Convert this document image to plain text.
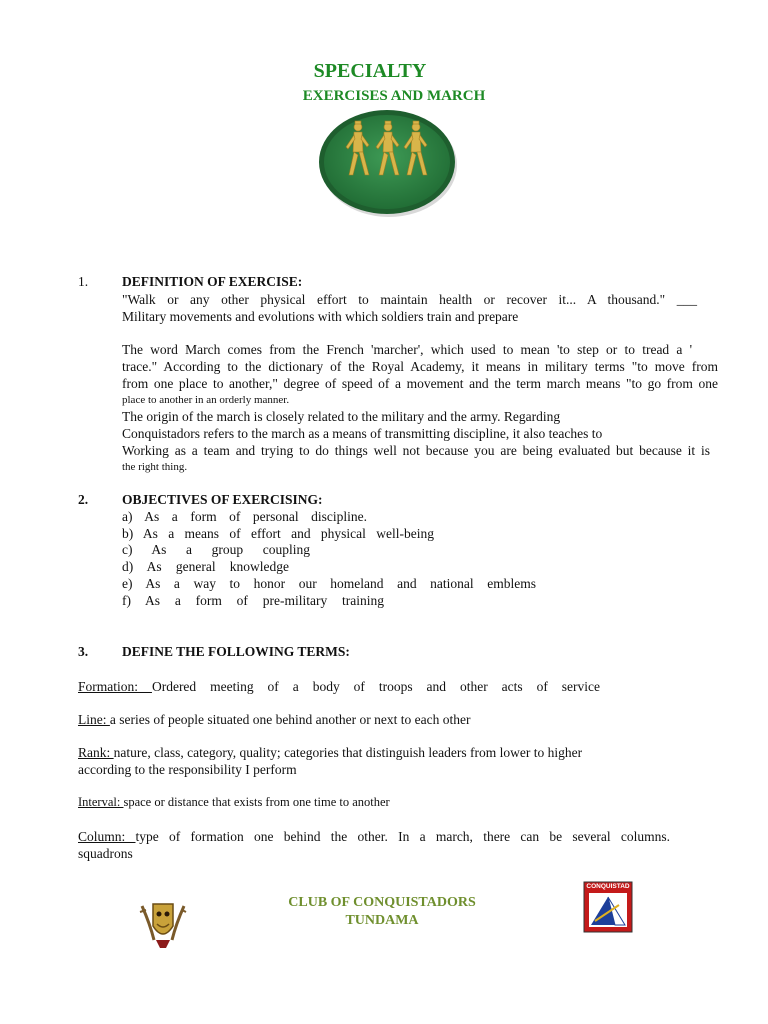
SPECIALTY
EXERCISES AND MARCH
1.	DEFINITION OF EXERCISE:
"Walk or any other physical effort to maintain health or recover it... A thousand." ___
Military movements and evolutions with which soldiers train and prepare
The word March comes from the French 'marcher', which used to mean 'to step or to tread a '
trace." According to the dictionary of the Royal Academy, it means in military terms "to move from
from one place to another," degree of speed of a movement and the term march means "to go from one
place to another in an orderly manner.
The origin of the march is closely related to the military and the army. Regarding
Conquistadors refers to the march as a means of transmitting discipline, it also teaches to
Working as a team and trying to do things well not because you are being evaluated but because it is
the right thing.
2.	OBJECTIVES OF EXERCISING:
a) As a form of personal discipline.
b) As a means of effort and physical well-being
c) As a group coupling
d) As general knowledge
e) As a way to honor our homeland and national emblems
f) As a form of pre-military training
3.	DEFINE THE FOLLOWING TERMS:
Formation: Ordered meeting of a body of troops and other acts of service
Line: a series of people situated one behind another or next to each other
Rank: nature, class, category, quality; categories that distinguish leaders from lower to higher
according to the responsibility I perform
Interval: space or distance that exists from one time to another
Column: type of formation one behind the other. In a march, there can be several columns.
squadrons
CLUB OF CONQUISTADORS
TUNDAMA
CONQUISTAD
